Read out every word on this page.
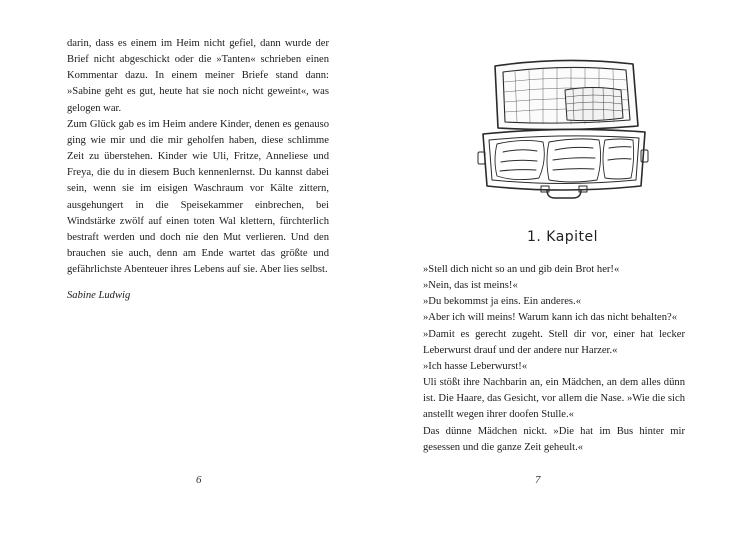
darin, dass es einem im Heim nicht gefiel, dann wurde der Brief nicht abgeschickt oder die »Tanten« schrieben einen Kommentar dazu. In einem meiner Briefe stand dann: »Sabine geht es gut, heute hat sie noch nicht geweint«, was gelogen war.

Zum Glück gab es im Heim andere Kinder, denen es genauso ging wie mir und die mir geholfen haben, diese schlimme Zeit zu überstehen. Kinder wie Uli, Fritze, Anneliese und Freya, die du in diesem Buch kennenlernst. Du kannst dabei sein, wenn sie im eisigen Waschraum vor Kälte zittern, ausgehungert in die Speisekammer einbrechen, bei Windstärke zwölf auf einen toten Wal klettern, fürchterlich bestraft werden und doch nie den Mut verlieren. Und den brauchen sie auch, denn am Ende wartet das größte und gefährlichste Abenteuer ihres Lebens auf sie. Aber lies selbst.

Sabine Ludwig
6
1. Kapitel

»Stell dich nicht so an und gib dein Brot her!«

»Nein, das ist meins!«

»Du bekommst ja eins. Ein anderes.«

»Aber ich will meins! Warum kann ich das nicht behalten?«

»Damit es gerecht zugeht. Stell dir vor, einer hat lecker Leberwurst drauf und der andere nur Harzer.«

»Ich hasse Leberwurst!«

Uli stößt ihre Nachbarin an, ein Mädchen, an dem alles dünn ist. Die Haare, das Gesicht, vor allem die Nase. »Wie die sich anstellt wegen ihrer doofen Stulle.«

Das dünne Mädchen nickt. »Die hat im Bus hinter mir gesessen und die ganze Zeit geheult.«

7
